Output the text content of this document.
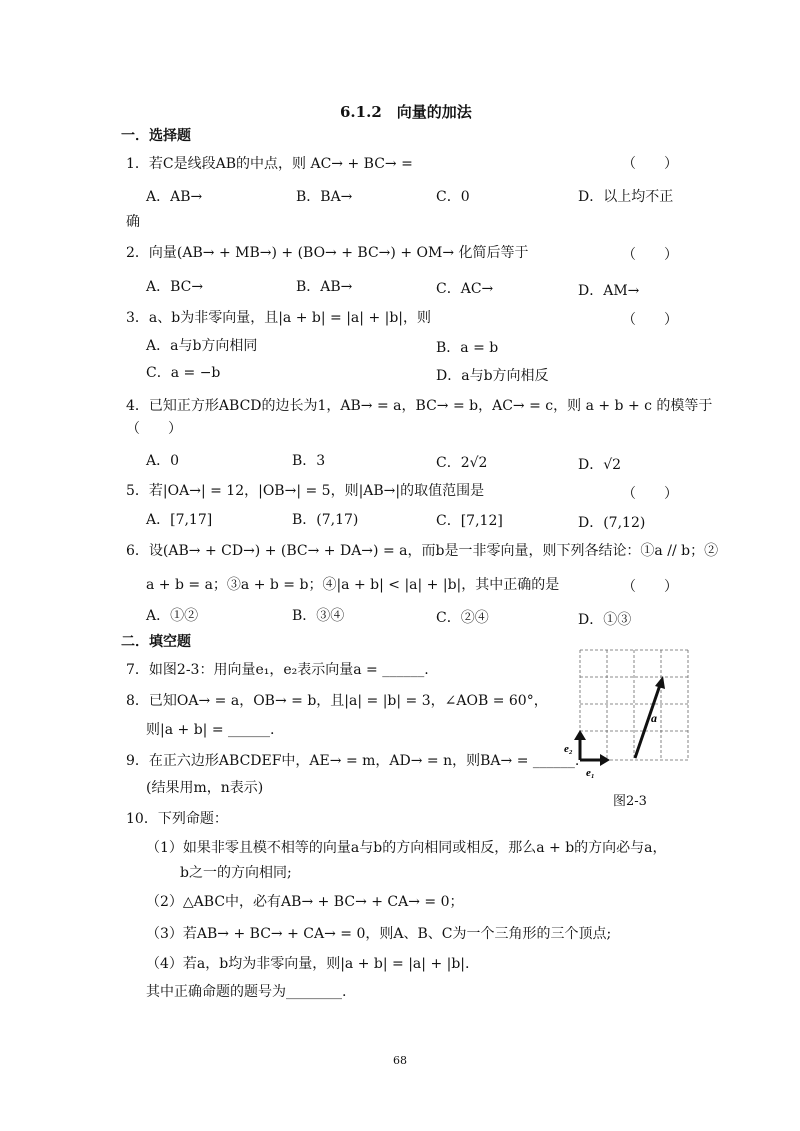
6.1.2　向量的加法
一．选择题
1．若C是线段AB的中点，则 AC→ + BC→ =	（　　）
A．AB→	B．BA→	C．0	D．以上均不正
确
2．向量(AB→ + MB→) + (BO→ + BC→) + OM→ 化简后等于	（　　）
A．BC→	B．AB→	C．AC→	D．AM→
3．a、b为非零向量，且|a + b| = |a| + |b|，则	（　　）
A．a与b方向相同	B．a = b
C．a = −b	D．a与b方向相反
4．已知正方形ABCD的边长为1，AB→ = a，BC→ = b，AC→ = c，则 a + b + c 的模等于
（　　）
A．0	B．3	C．2√2	D．√2
5．若|OA→| = 12，|OB→| = 5，则|AB→|的取值范围是	（　　）
A．[7,17]	B．(7,17)	C．[7,12]	D．(7,12)
6．设(AB→ + CD→) + (BC→ + DA→) = a，而b是一非零向量，则下列各结论：①a // b；②
a + b = a；③a + b = b；④|a + b| < |a| + |b|，其中正确的是	（　　）
A．①②	B．③④	C．②④	D．①③
二．填空题
7．如图2-3：用向量e₁，e₂表示向量a = ______.
8．已知OA→ = a，OB→ = b，且|a| = |b| = 3，∠AOB = 60°，
则|a + b| = ______.
9．在正六边形ABCDEF中，AE→ = m，AD→ = n，则BA→ = ______.
(结果用m，n表示)
a
e₂
e₁
图2-3
10．下列命题：
（1）如果非零且模不相等的向量a与b的方向相同或相反，那么a + b的方向必与a，
b之一的方向相同;
（2）△ABC中，必有AB→ + BC→ + CA→ = 0；
（3）若AB→ + BC→ + CA→ = 0，则A、B、C为一个三角形的三个顶点;
（4）若a，b均为非零向量，则|a + b| = |a| + |b|.
其中正确命题的题号为________.
68
